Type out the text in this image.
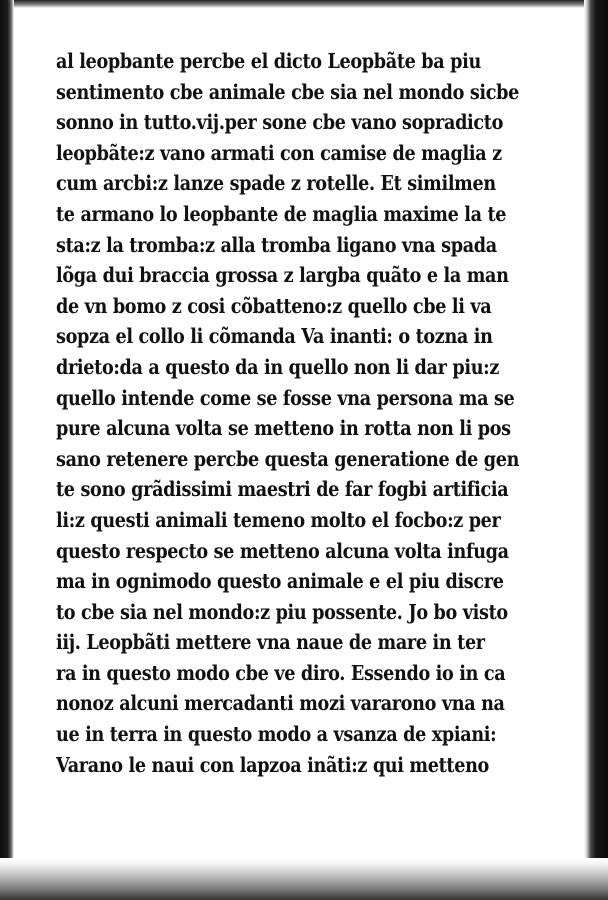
al leopbante percbe el dicto Leopbãte ba piu
sentimento cbe animale cbe sia nel mondo sicbe
sonno in tutto.vij.per sone cbe vano sopradicto
leopbãte:z vano armati con camise de maglia z
cum arcbi:z lanze spade z rotelle. Et similmen
te armano lo leopbante de maglia maxime la te
sta:z la tromba:z alla tromba ligano vna spada
lõga dui braccia grossa z largba quãto e la man
de vn bomo z cosi cõbatteno:z quello cbe li va
sopza el collo li cõmanda Va inanti: o tozna in
drieto:da a questo da in quello non li dar piu:z
quello intende come se fosse vna persona ma se
pure alcuna volta se metteno in rotta non li pos
sano retenere percbe questa generatione de gen
te sono grãdissimi maestri de far fogbi artificia
li:z questi animali temeno molto el focbo:z per
questo respecto se metteno alcuna volta infuga
ma in ognimodo questo animale e el piu discre
to cbe sia nel mondo:z piu possente. Jo bo visto
iij. Leopbãti mettere vna naue de mare in ter
ra in questo modo cbe ve diro. Essendo io in ca
nonoz alcuni mercadanti mozi vararono vna na
ue in terra in questo modo a vsanza de xpiani:
Varano le naui con lapzoa inãti:z qui metteno
